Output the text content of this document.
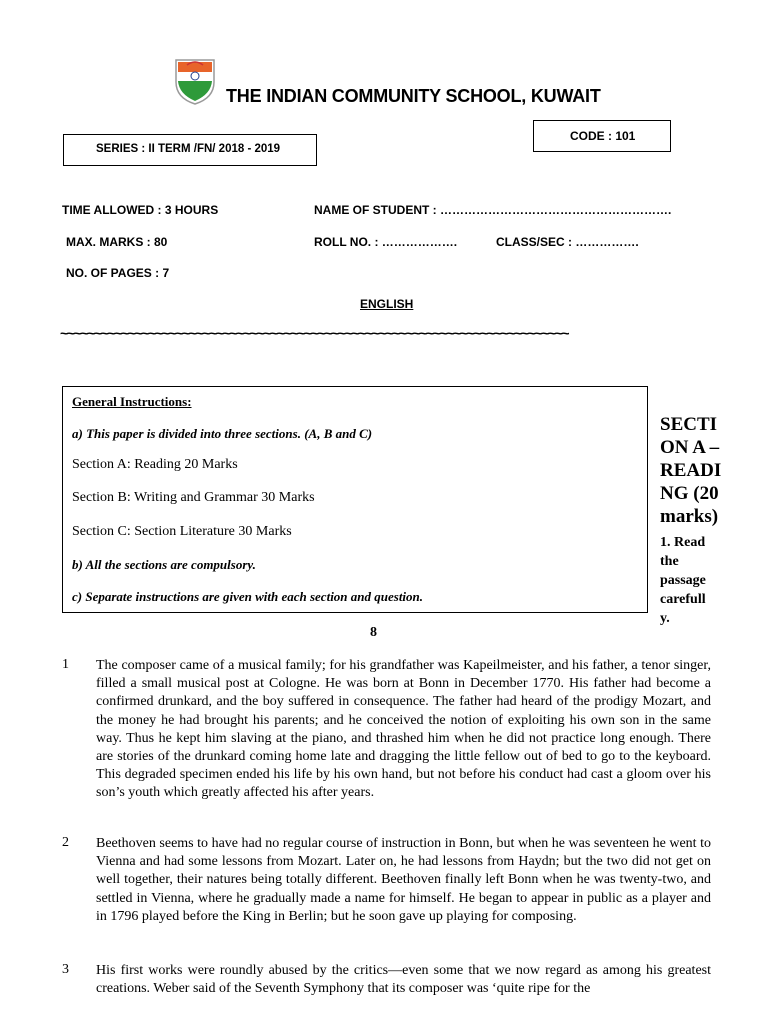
THE INDIAN COMMUNITY SCHOOL, KUWAIT
CODE : 101
SERIES : II TERM /FN/ 2018 - 2019
TIME ALLOWED : 3 HOURS	NAME OF STUDENT : ………………………………………………….
MAX. MARKS : 80	ROLL NO. : ……………….	CLASS/SEC : …………….
NO. OF PAGES : 7
ENGLISH
~~~~~~~~~~~~~~~~~~~~~~~~~~~~~~~~~~~~~~~~~~~~~~~~~~~~~~~~~~~~~~~~~~~~~~~~~~~
General Instructions:
a) This paper is divided into three sections. (A, B and C)
Section A: Reading 20 Marks
Section B: Writing and Grammar 30 Marks
Section C: Section Literature 30 Marks
b) All the sections are compulsory.
c) Separate instructions are given with each section and question.
SECTI
ON A –
READI
NG (20
marks)
1. Read
the
passage
carefull
y.
8
1 The composer came of a musical family; for his grandfather was Kapeilmeister, and his father, a tenor singer, filled a small musical post at Cologne. He was born at Bonn in December 1770. His father had become a confirmed drunkard, and the boy suffered in consequence. The father had heard of the prodigy Mozart, and the money he had brought his parents; and he conceived the notion of exploiting his own son in the same way. Thus he kept him slaving at the piano, and thrashed him when he did not practice long enough. There are stories of the drunkard coming home late and dragging the little fellow out of bed to go to the keyboard. This degraded specimen ended his life by his own hand, but not before his conduct had cast a gloom over his son’s youth which greatly affected his after years.
2 Beethoven seems to have had no regular course of instruction in Bonn, but when he was seventeen he went to Vienna and had some lessons from Mozart. Later on, he had lessons from Haydn; but the two did not get on well together, their natures being totally different. Beethoven finally left Bonn when he was twenty-two, and settled in Vienna, where he gradually made a name for himself. He began to appear in public as a player and in 1796 played before the King in Berlin; but he soon gave up playing for composing.
3 His first works were roundly abused by the critics—even some that we now regard as among his greatest creations. Weber said of the Seventh Symphony that its composer was ‘quite ripe for the
